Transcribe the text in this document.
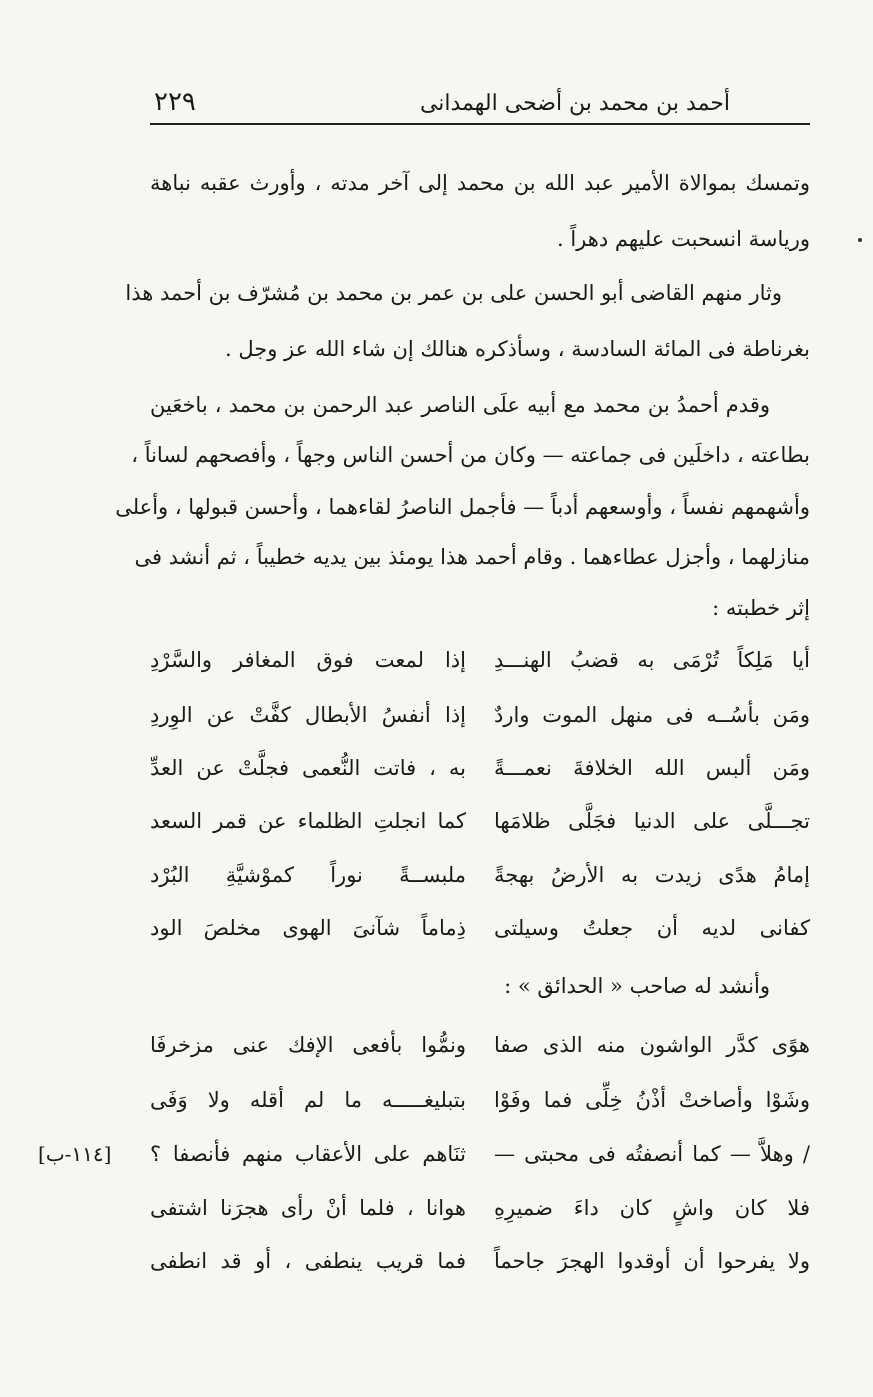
٢٢٩	أحمد بن محمد بن أضحى الهمدانى
وتمسك بموالاة الأمير عبد الله بن محمد إلى آخر مدته ، وأورث عقبه نباهة
ورياسة انسحبت عليهم دهراً .
وثار منهم القاضى أبو الحسن على بن عمر بن محمد بن مُشرّف بن أحمد هذا
بغرناطة فى المائة السادسة ، وسأذكره هنالك إن شاء الله عز وجل .
وقدم أحمدُ بن محمد مع أبيه علَى الناصر عبد الرحمن بن محمد ، باخعَين
بطاعته ، داخلَين فى جماعته — وكان من أحسن الناس وجهاً ، وأفصحهم لساناً ،
وأشهمهم نفساً ، وأوسعهم أدباً — فأجمل الناصرُ لقاءهما ، وأحسن قبولها ، وأعلى
منازلهما ، وأجزل عطاءهما . وقام أحمد هذا يومئذ بين يديه خطيباً ، ثم أنشد فى
إثر خطبته :
أيا مَلِكاً تُرْمَى به قضبُ الهنـــدِ
إذا لمعت فوق المغافر والسَّرْدِ
ومَن بأسُــه فى منهل الموت واردٌ
إذا أنفسُ الأبطال كفَّتْ عن الوِردِ
ومَن ألبس الله الخلافةَ نعمـــةً
به ، فاتت النُّعمى فجلَّتْ عن العدِّ
تجـــلَّى على الدنيا فجَلَّى ظلامَها
كما انجلتِ الظلماء عن قمر السعد
إمامُ هدًى زيدت به الأرضُ بهجةً
ملبســةً نوراً كموْشيَّةِ البُرْد
كفانى لديه أن جعلتُ وسيلتى
ذِماماً شآنىَ الهوى مخلصَ الود
وأنشد له صاحب « الحدائق » :
هوًى كدَّر الواشون منه الذى صفا
ونمُّوا بأفعى الإفك عنى مزخرفَا
وشَوْا وأصاختْ أذْنُ خِلِّى فما وفَوْا
بتبليغـــــه ما لم أقله ولا وَفَى
/ وهلاَّ — كما أنصفتُه فى محبتى —
ثنَاهم على الأعقاب منهم فأنصفا ؟
فلا كان واشٍ كان داءَ ضميرِهِ
هوانا ، فلما أنْ رأى هجرَنا اشتفى
ولا يفرحوا أن أوقدوا الهجرَ جاحماً
فما قريب ينطفى ، أو قد انطفى
[١١٤-ب]
